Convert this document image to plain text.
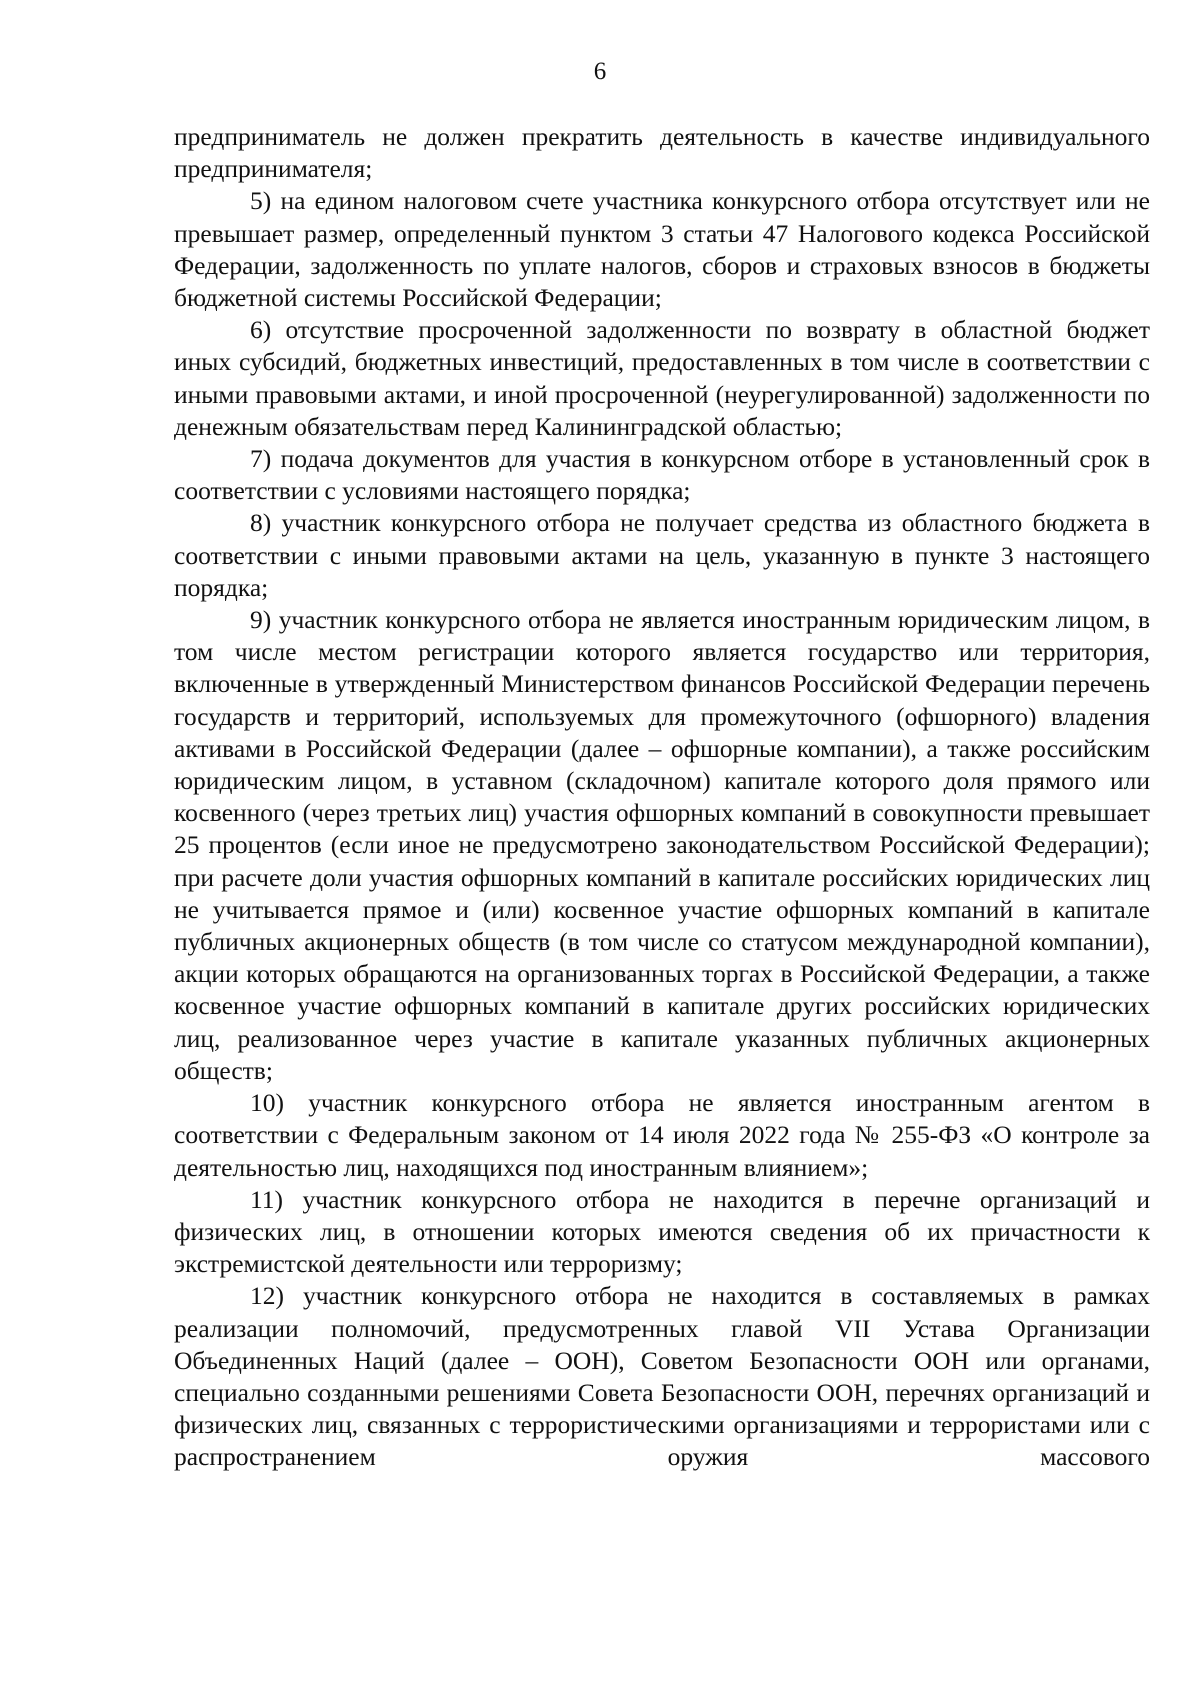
6

предприниматель не должен прекратить деятельность в качестве индивидуального предпринимателя;

5) на едином налоговом счете участника конкурсного отбора отсутствует или не превышает размер, определенный пунктом 3 статьи 47 Налогового кодекса Российской Федерации, задолженность по уплате налогов, сборов и страховых взносов в бюджеты бюджетной системы Российской Федерации;

6) отсутствие просроченной задолженности по возврату в областной бюджет иных субсидий, бюджетных инвестиций, предоставленных в том числе в соответствии с иными правовыми актами, и иной просроченной (неурегулированной) задолженности по денежным обязательствам перед Калининградской областью;

7) подача документов для участия в конкурсном отборе в установленный срок в соответствии с условиями настоящего порядка;

8) участник конкурсного отбора не получает средства из областного бюджета в соответствии с иными правовыми актами на цель, указанную в пункте 3 настоящего порядка;

9) участник конкурсного отбора не является иностранным юридическим лицом, в том числе местом регистрации которого является государство или территория, включенные в утвержденный Министерством финансов Российской Федерации перечень государств и территорий, используемых для промежуточного (офшорного) владения активами в Российской Федерации (далее – офшорные компании), а также российским юридическим лицом, в уставном (складочном) капитале которого доля прямого или косвенного (через третьих лиц) участия офшорных компаний в совокупности превышает 25 процентов (если иное не предусмотрено законодательством Российской Федерации); при расчете доли участия офшорных компаний в капитале российских юридических лиц не учитывается прямое и (или) косвенное участие офшорных компаний в капитале публичных акционерных обществ (в том числе со статусом международной компании), акции которых обращаются на организованных торгах в Российской Федерации, а также косвенное участие офшорных компаний в капитале других российских юридических лиц, реализованное через участие в капитале указанных публичных акционерных обществ;

10) участник конкурсного отбора не является иностранным агентом в соответствии с Федеральным законом от 14 июля 2022 года № 255-ФЗ «О контроле за деятельностью лиц, находящихся под иностранным влиянием»;

11) участник конкурсного отбора не находится в перечне организаций и физических лиц, в отношении которых имеются сведения об их причастности к экстремистской деятельности или терроризму;

12) участник конкурсного отбора не находится в составляемых в рамках реализации полномочий, предусмотренных главой VII Устава Организации Объединенных Наций (далее – ООН), Советом Безопасности ООН или органами, специально созданными решениями Совета Безопасности ООН, перечнях организаций и физических лиц, связанных с террористическими организациями и террористами или с распространением оружия массового
